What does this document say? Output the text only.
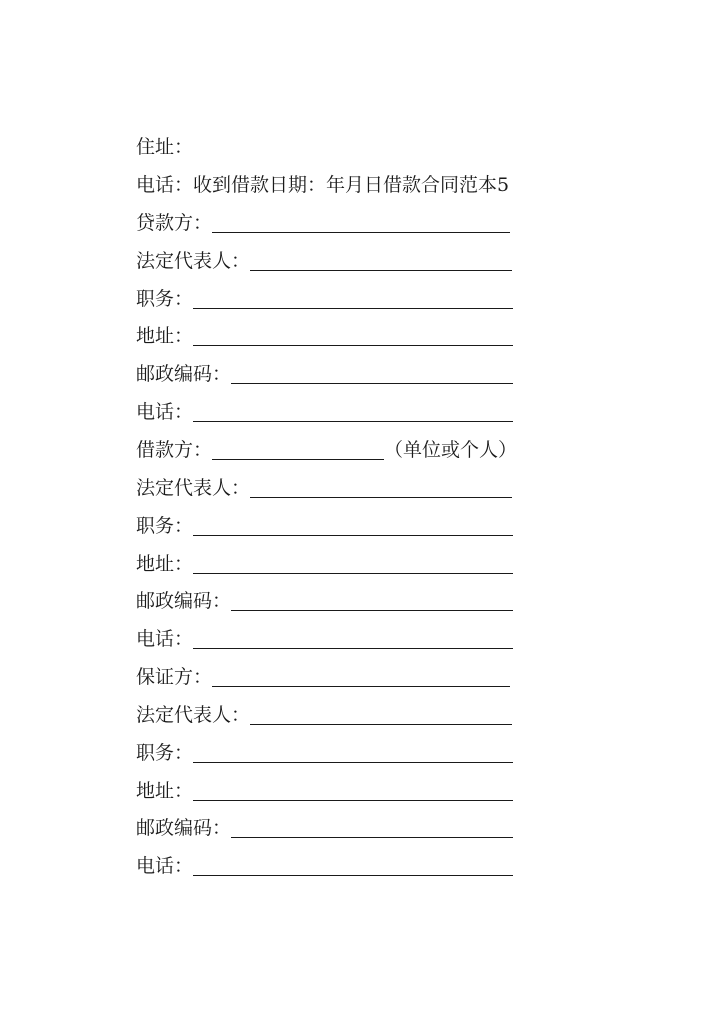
住址：
电话：收到借款日期：年月日借款合同范本5
贷款方：
法定代表人：
职务：
地址：
邮政编码：
电话：
借款方：	（单位或个人）
法定代表人：
职务：
地址：
邮政编码：
电话：
保证方：
法定代表人：
职务：
地址：
邮政编码：
电话：
